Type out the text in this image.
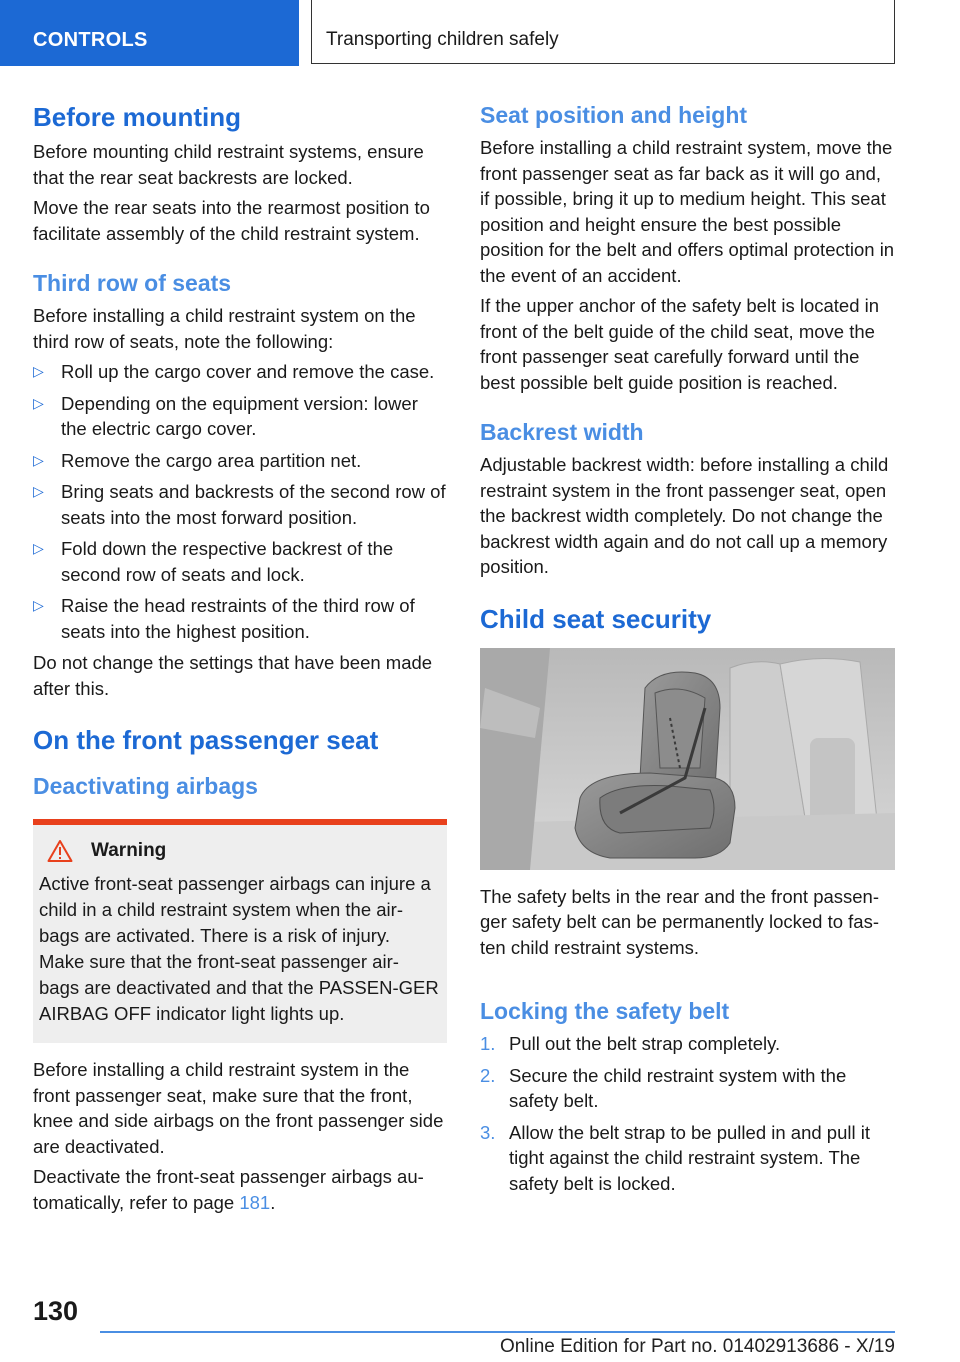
CONTROLS	Transporting children safely
Before mounting

Before mounting child restraint systems, ensure that the rear seat backrests are locked.

Move the rear seats into the rearmost position to facilitate assembly of the child restraint system.

Third row of seats

Before installing a child restraint system on the third row of seats, note the following:

▷ Roll up the cargo cover and remove the case.
▷ Depending on the equipment version: lower the electric cargo cover.
▷ Remove the cargo area partition net.
▷ Bring seats and backrests of the second row of seats into the most forward position.
▷ Fold down the respective backrest of the second row of seats and lock.
▷ Raise the head restraints of the third row of seats into the highest position.

Do not change the settings that have been made after this.

On the front passenger seat
Deactivating airbags
Warning

Active front-seat passenger airbags can injure a child in a child restraint system when the air‐bags are activated. There is a risk of injury. Make sure that the front-seat passenger air‐bags are deactivated and that the PASSEN‐GER AIRBAG OFF indicator light lights up.

Before installing a child restraint system in the front passenger seat, make sure that the front, knee and side airbags on the front passenger side are deactivated.

Deactivate the front-seat passenger airbags au‐tomatically, refer to page 181.

Seat position and height

Before installing a child restraint system, move the front passenger seat as far back as it will go and, if possible, bring it up to medium height. This seat position and height ensure the best possible position for the belt and offers optimal protection in the event of an accident.

If the upper anchor of the safety belt is located in front of the belt guide of the child seat, move the front passenger seat carefully forward until the best possible belt guide position is reached.

Backrest width

Adjustable backrest width: before installing a child restraint system in the front passenger seat, open the backrest width completely. Do not change the backrest width again and do not call up a memory position.

Child seat security

The safety belts in the rear and the front passen‐ger safety belt can be permanently locked to fas‐ten child restraint systems.

Locking the safety belt
1. Pull out the belt strap completely.
2. Secure the child restraint system with the safety belt.
3. Allow the belt strap to be pulled in and pull it tight against the child restraint system. The safety belt is locked.
130
Online Edition for Part no. 01402913686 - X/19
